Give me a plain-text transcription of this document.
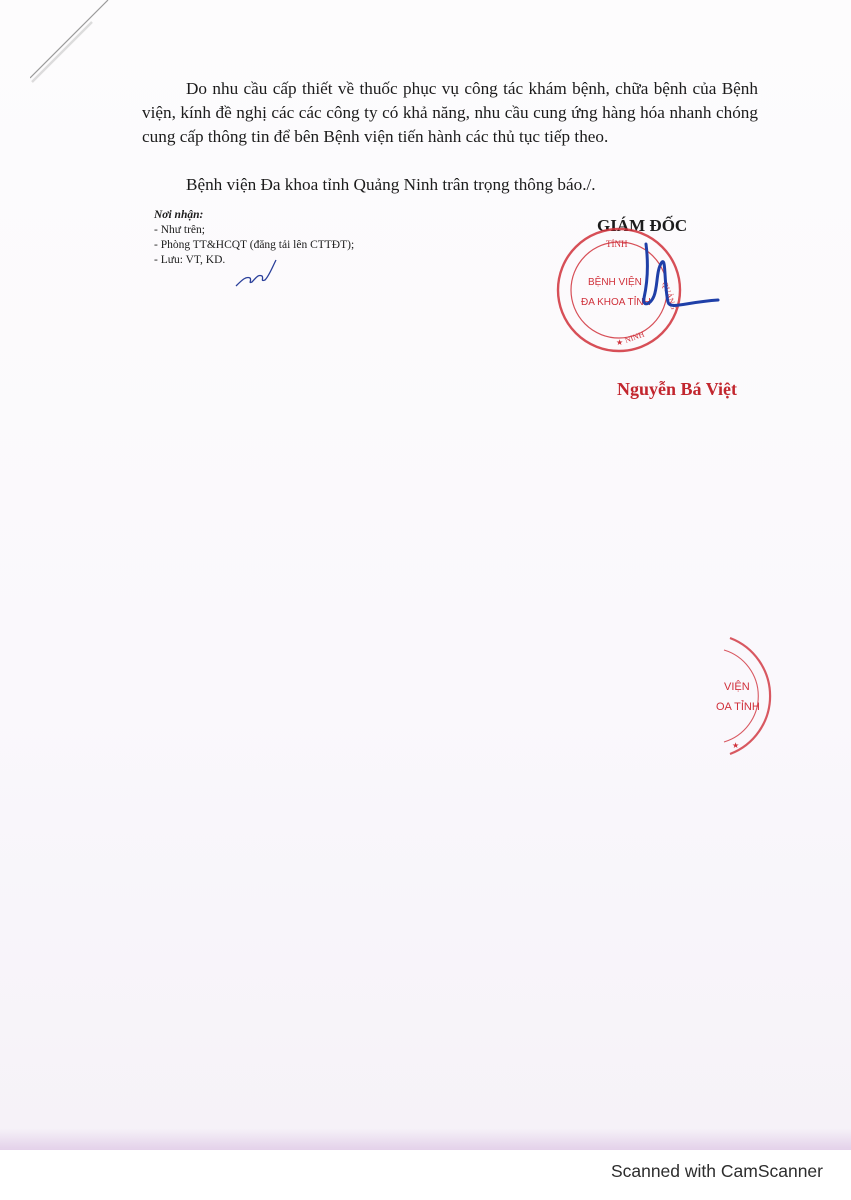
Do nhu cầu cấp thiết về thuốc phục vụ công tác khám bệnh, chữa bệnh của Bệnh viện, kính đề nghị các các công ty có khả năng, nhu cầu cung ứng hàng hóa nhanh chóng cung cấp thông tin để bên Bệnh viện tiến hành các thủ tục tiếp theo.

Bệnh viện Đa khoa tỉnh Quảng Ninh trân trọng thông báo./.

Nơi nhận:
- Như trên;
- Phòng TT&HCQT (đăng tải lên CTTĐT);
- Lưu: VT, KD.
GIÁM ĐỐC
TỈNH
QUẢNG
NINH
BỆNH VIỆN
ĐA KHOA TỈNH
★
Nguyễn Bá Việt
VIỆN
OA TỈNH
★
Scanned with CamScanner
